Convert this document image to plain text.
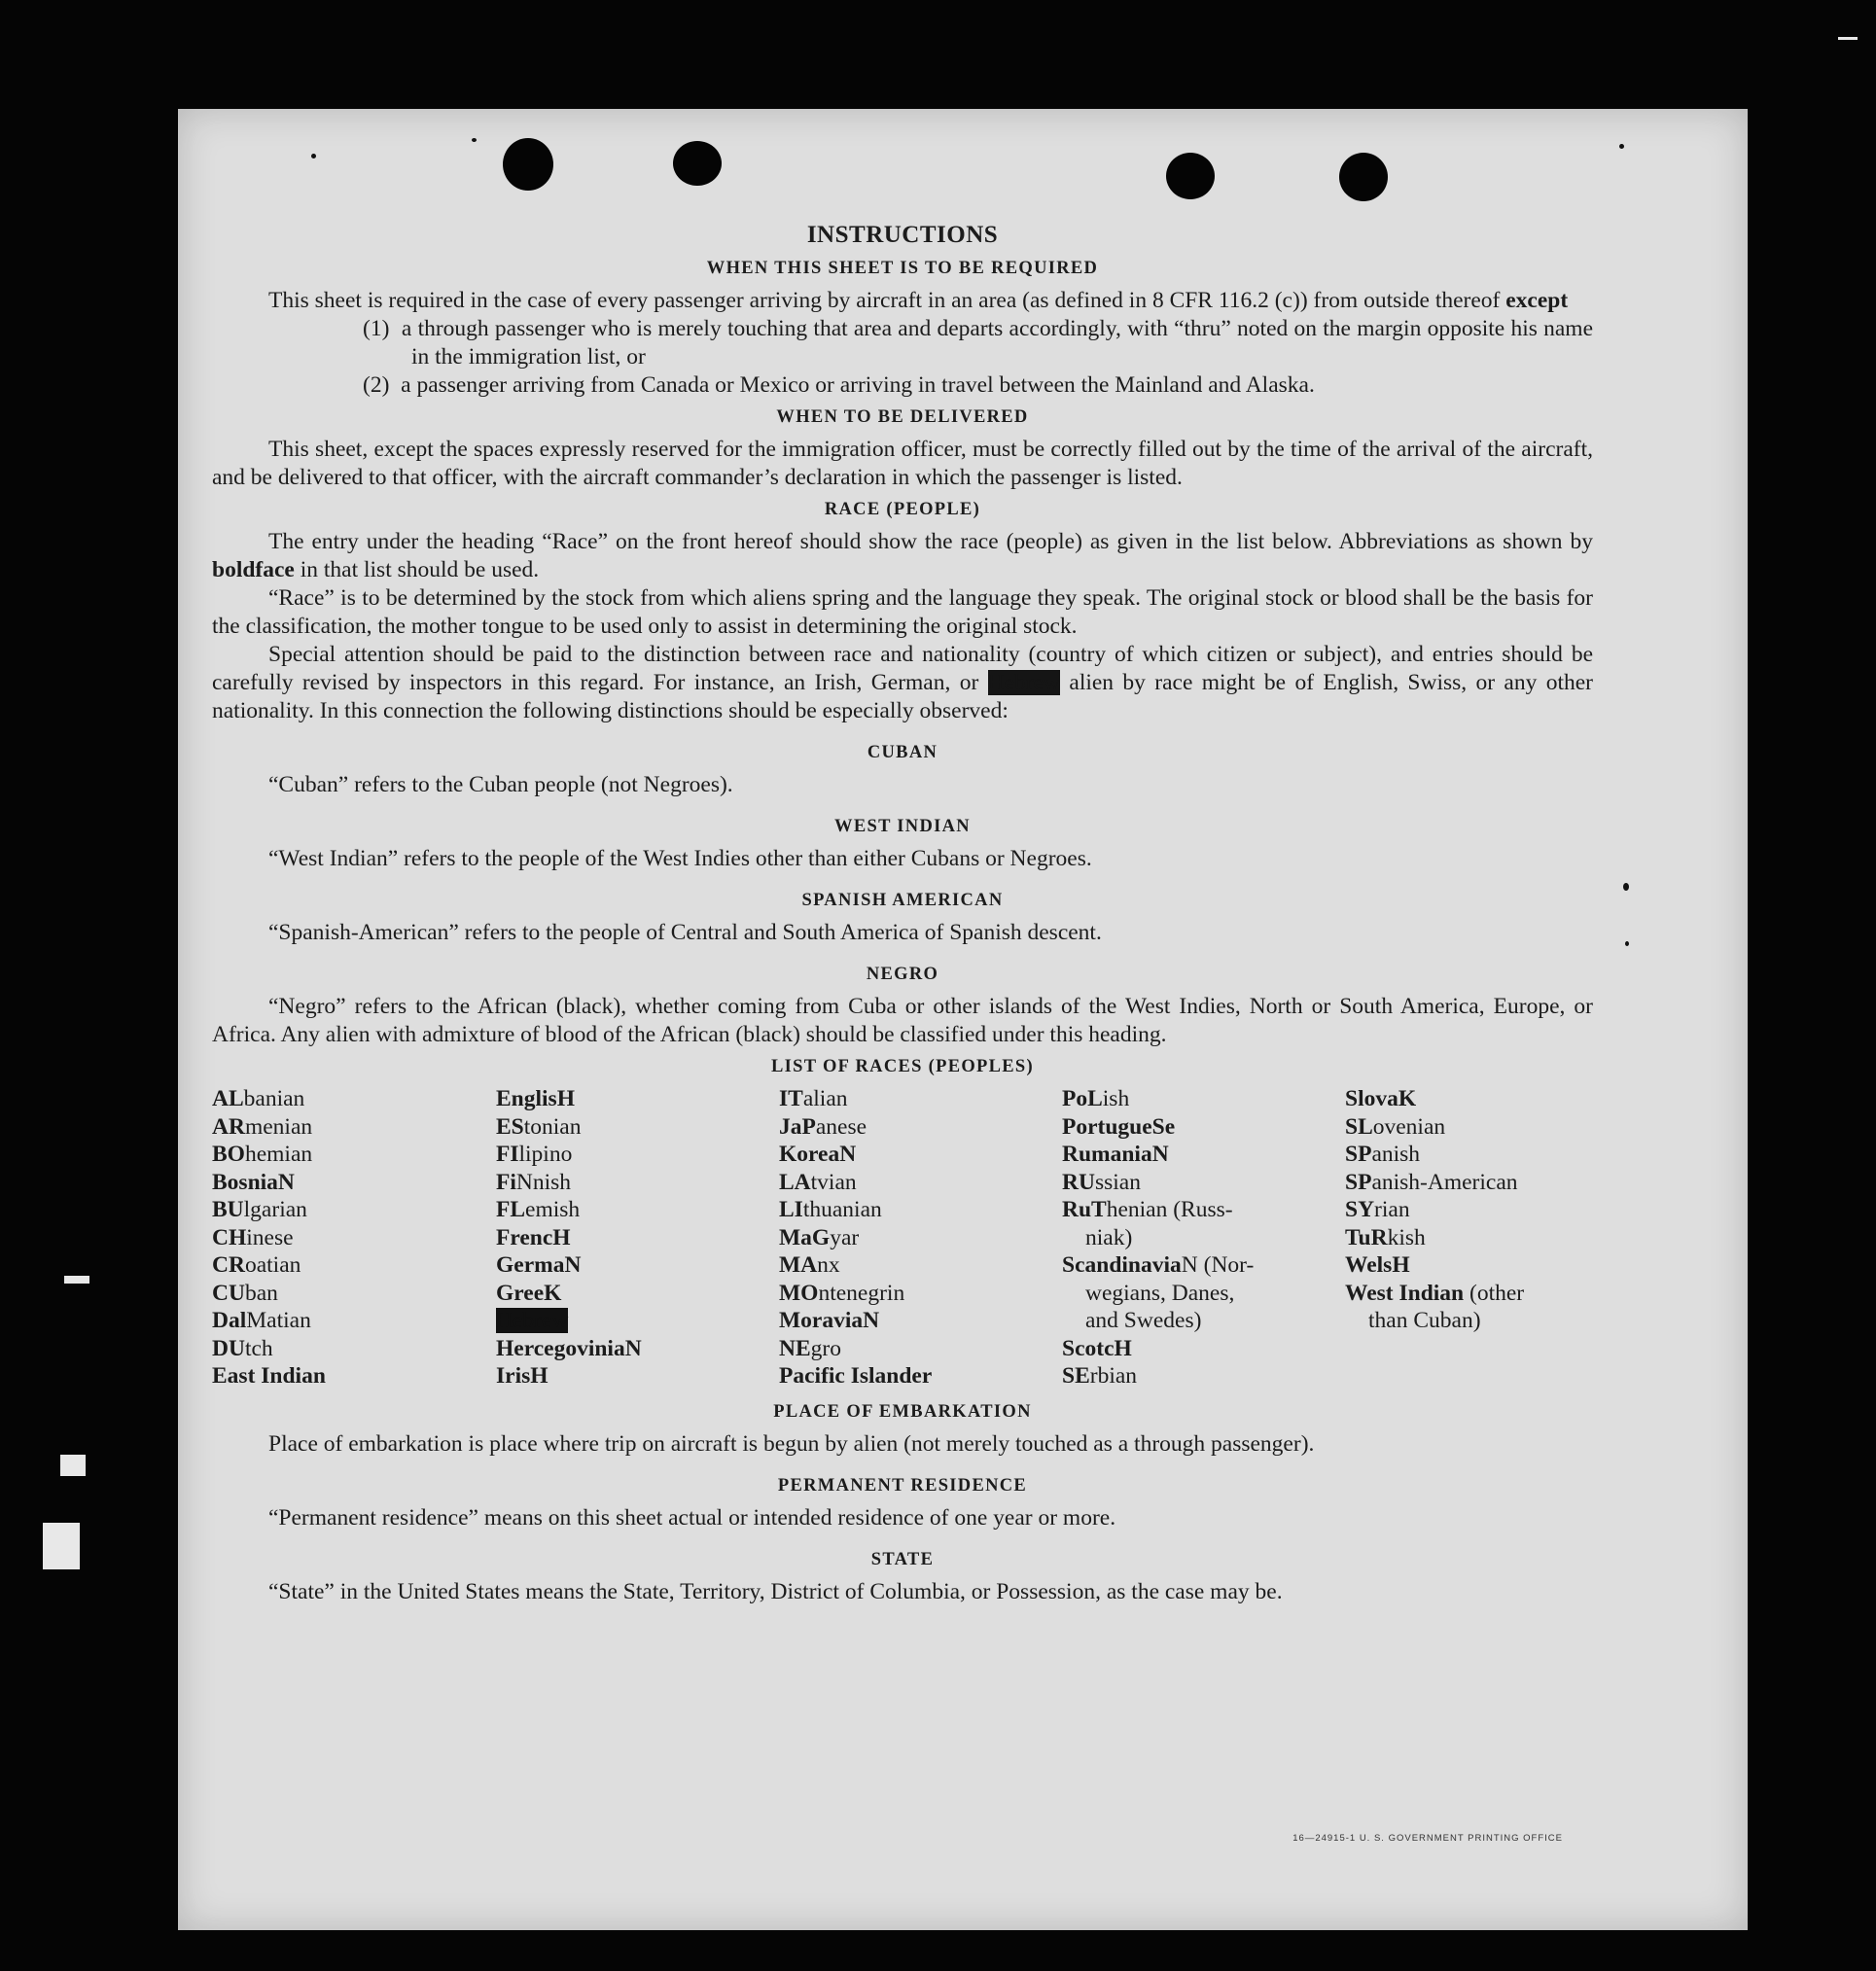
INSTRUCTIONS
WHEN THIS SHEET IS TO BE REQUIRED

This sheet is required in the case of every passenger arriving by aircraft in an area (as defined in 8 CFR 116.2 (c)) from outside thereof except

(1) a through passenger who is merely touching that area and departs accordingly, with “thru” noted on the margin opposite his name in the immigration list, or
(2) a passenger arriving from Canada or Mexico or arriving in travel between the Mainland and Alaska.
WHEN TO BE DELIVERED

This sheet, except the spaces expressly reserved for the immigration officer, must be correctly filled out by the time of the arrival of the aircraft, and be delivered to that officer, with the aircraft commander’s declaration in which the passenger is listed.

RACE (PEOPLE)

The entry under the heading “Race” on the front hereof should show the race (people) as given in the list below. Abbreviations as shown by boldface in that list should be used.

“Race” is to be determined by the stock from which aliens spring and the language they speak. The original stock or blood shall be the basis for the classification, the mother tongue to be used only to assist in determining the original stock.

Special attention should be paid to the distinction between race and nationality (country of which citizen or subject), and entries should be carefully revised by inspectors in this regard. For instance, an Irish, German, or Hebrew alien by race might be of English, Swiss, or any other nationality. In this connection the following distinctions should be especially observed:

CUBAN

“Cuban” refers to the Cuban people (not Negroes).

WEST INDIAN

“West Indian” refers to the people of the West Indies other than either Cubans or Negroes.

SPANISH AMERICAN

“Spanish-American” refers to the people of Central and South America of Spanish descent.

NEGRO

“Negro” refers to the African (black), whether coming from Cuba or other islands of the West Indies, North or South America, Europe, or Africa. Any alien with admixture of blood of the African (black) should be classified under this heading.

LIST OF RACES (PEOPLES)
ALbanian
ARmenian
BOhemian
BosniaN
BUlgarian
CHinese
CRoatian
CUban
DalMatian
DUtch
East Indian
EnglisH
EStonian
FIlipino
FiNnish
FLemish
FrencH
GermaN
GreeK
Hebrew
HercegoviniaN
IrisH
ITalian
JaPanese
KoreaN
LAtvian
LIthuanian
MaGyar
MAnx
MOntenegrin
MoraviaN
NEgro
Pacific Islander
PoLish
PortugueSe
RumaniaN
RUssian
RuThenian (Russ-
niak)
ScandinaviaN (Nor-
wegians, Danes,
and Swedes)
ScotcH
SErbian
SlovaK
SLovenian
SPanish
SPanish-American
SYrian
TuRkish
WelsH
West Indian (other
than Cuban)
PLACE OF EMBARKATION

Place of embarkation is place where trip on aircraft is begun by alien (not merely touched as a through passenger).

PERMANENT RESIDENCE

“Permanent residence” means on this sheet actual or intended residence of one year or more.

STATE

“State” in the United States means the State, Territory, District of Columbia, or Possession, as the case may be.

16—24915-1 U. S. GOVERNMENT PRINTING OFFICE
